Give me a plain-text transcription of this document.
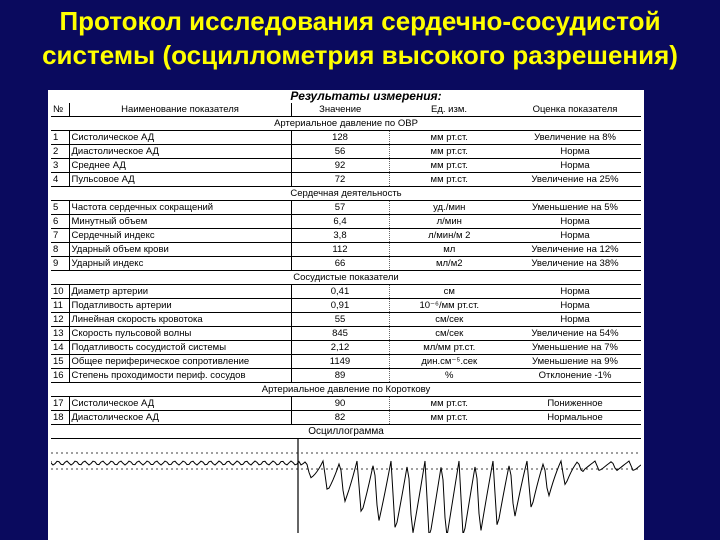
Протокол исследования сердечно-сосудистой
системы (осциллометрия высокого разрешения)
Результаты измерения:
№	Наименование показателя	Значение	Ед. изм.	Оценка показателя
Артериальное давление по ОВР				
1	Систолическое АД	128	мм рт.ст.	Увеличение на 8%
2	Диастолическое АД	56	мм рт.ст.	Норма
3	Среднее АД	92	мм рт.ст.	Норма
4	Пульсовое АД	72	мм рт.ст.	Увеличение на 25%
Сердечная деятельность				
5	Частота сердечных сокращений	57	уд./мин	Уменьшение на 5%
6	Минутный объем	6,4	л/мин	Норма
7	Сердечный индекс	3,8	л/мин/м 2	Норма
8	Ударный объем крови	112	мл	Увеличение на 12%
9	Ударный индекс	66	мл/м2	Увеличение на 38%
Сосудистые показатели				
10	Диаметр артерии	0,41	см	Норма
11	Податливость артерии	0,91	10⁻⁶/мм рт.ст.	Норма
12	Линейная скорость кровотока	55	см/сек	Норма
13	Скорость пульсовой волны	845	см/сек	Увеличение на 54%
14	Податливость сосудистой системы	2,12	мл/мм рт.ст.	Уменьшение на 7%
15	Общее периферическое сопротивление	1149	дин.см⁻⁵.сек	Уменьшение на 9%
16	Степень проходимости периф. сосудов	89	%	Отклонение -1%
Артериальное давление по Короткову				
17	Систолическое АД	90	мм рт.ст.	Пониженное
18	Диастолическое АД	82	мм рт.ст.	Нормальное
Осциллограмма
